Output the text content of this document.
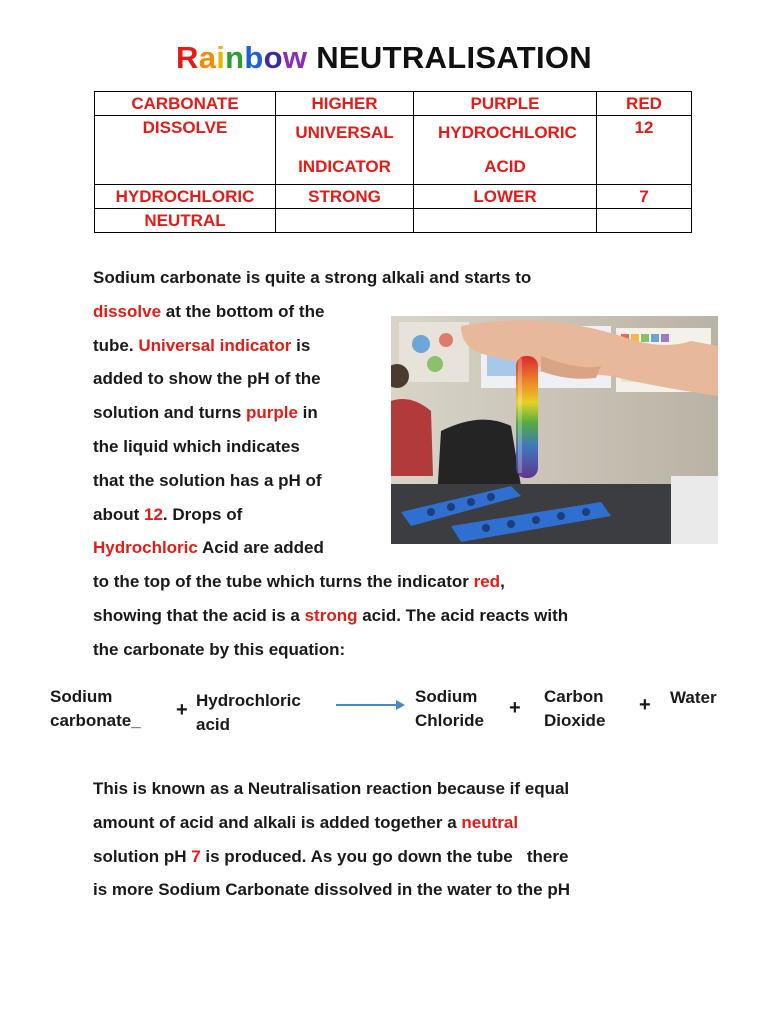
Rainbow NEUTRALISATION
CARBONATE	HIGHER	PURPLE	RED
DISSOLVE	UNIVERSAL INDICATOR	HYDROCHLORIC ACID	12
HYDROCHLORIC	STRONG	LOWER	7
NEUTRAL			
Sodium carbonate is quite a strong alkali and starts to
dissolve at the bottom of the
tube. Universal indicator is
added to show the pH of the
solution and turns purple in
the liquid which indicates
that the solution has a pH of
about 12. Drops of
Hydrochloric Acid are added
to the top of the tube which turns the indicator red,
showing that the acid is a strong acid. The acid reacts with
the carbonate by this equation:
Sodium
carbonate_ + Hydrochloric
acid
Sodium
Chloride
+
Carbon
Dioxide
+ Water
This is known as a Neutralisation reaction because if equal
amount of acid and alkali is added together a neutral
solution pH 7 is produced. As you go down the tube   there
is more Sodium Carbonate dissolved in the water to the pH
